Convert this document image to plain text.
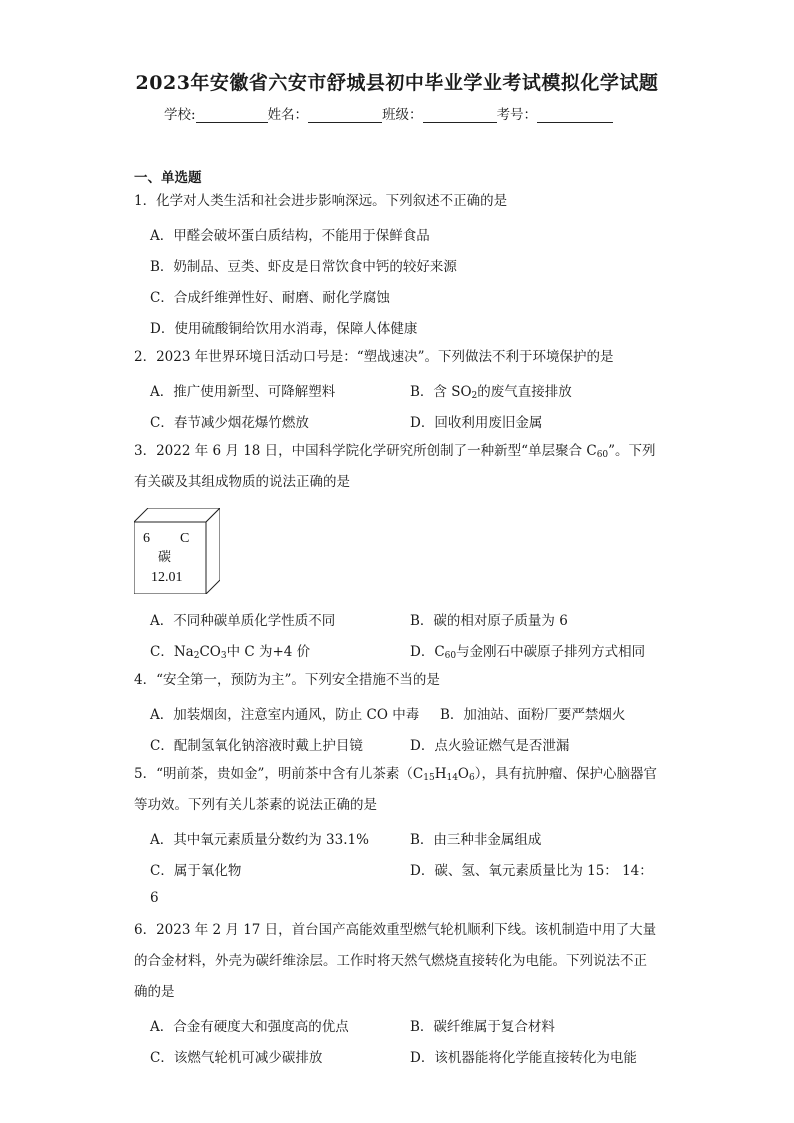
2023年安徽省六安市舒城县初中毕业学业考试模拟化学试题
学校:	姓名：	班级：	考号：
一、单选题
1．化学对人类生活和社会进步影响深远。下列叙述不正确的是
A．甲醛会破坏蛋白质结构，不能用于保鲜食品
B．奶制品、豆类、虾皮是日常饮食中钙的较好来源
C．合成纤维弹性好、耐磨、耐化学腐蚀
D．使用硫酸铜给饮用水消毒，保障人体健康
2．2023 年世界环境日活动口号是：“塑战速决”。下列做法不利于环境保护的是
A．推广使用新型、可降解塑料	B．含 $SO_2$的废气直接排放
C．春节减少烟花爆竹燃放	D．回收利用废旧金属
3．2022 年 6 月 18 日，中国科学院化学研究所创制了一种新型“单层聚合 $C_{60}$”。下列
有关碳及其组成物质的说法正确的是
6 C
碳
12.01
A．不同种碳单质化学性质不同	B．碳的相对原子质量为 6
C．$Na_2CO_3$中 C 为+4 价	D．$C_{60}$与金刚石中碳原子排列方式相同
4．“安全第一，预防为主”。下列安全措施不当的是
A．加装烟囱，注意室内通风，防止 CO 中毒 B．加油站、面粉厂要严禁烟火
C．配制氢氧化钠溶液时戴上护目镜	D．点火验证燃气是否泄漏
5．“明前茶，贵如金”，明前茶中含有儿茶素$(C_{15}H_{14}O_6)$，具有抗肿瘤、保护心脑器官
等功效。下列有关儿茶素的说法正确的是
A．其中氧元素质量分数约为 33.1%	B．由三种非金属组成
C．属于氧化物	D．碳、氢、氧元素质量比为 15： 14：
6
6．2023 年 2 月 17 日，首台国产高能效重型燃气轮机顺利下线。该机制造中用了大量
的合金材料，外壳为碳纤维涂层。工作时将天然气燃烧直接转化为电能。下列说法不正
确的是
A．合金有硬度大和强度高的优点	B．碳纤维属于复合材料
C．该燃气轮机可减少碳排放	D．该机器能将化学能直接转化为电能
